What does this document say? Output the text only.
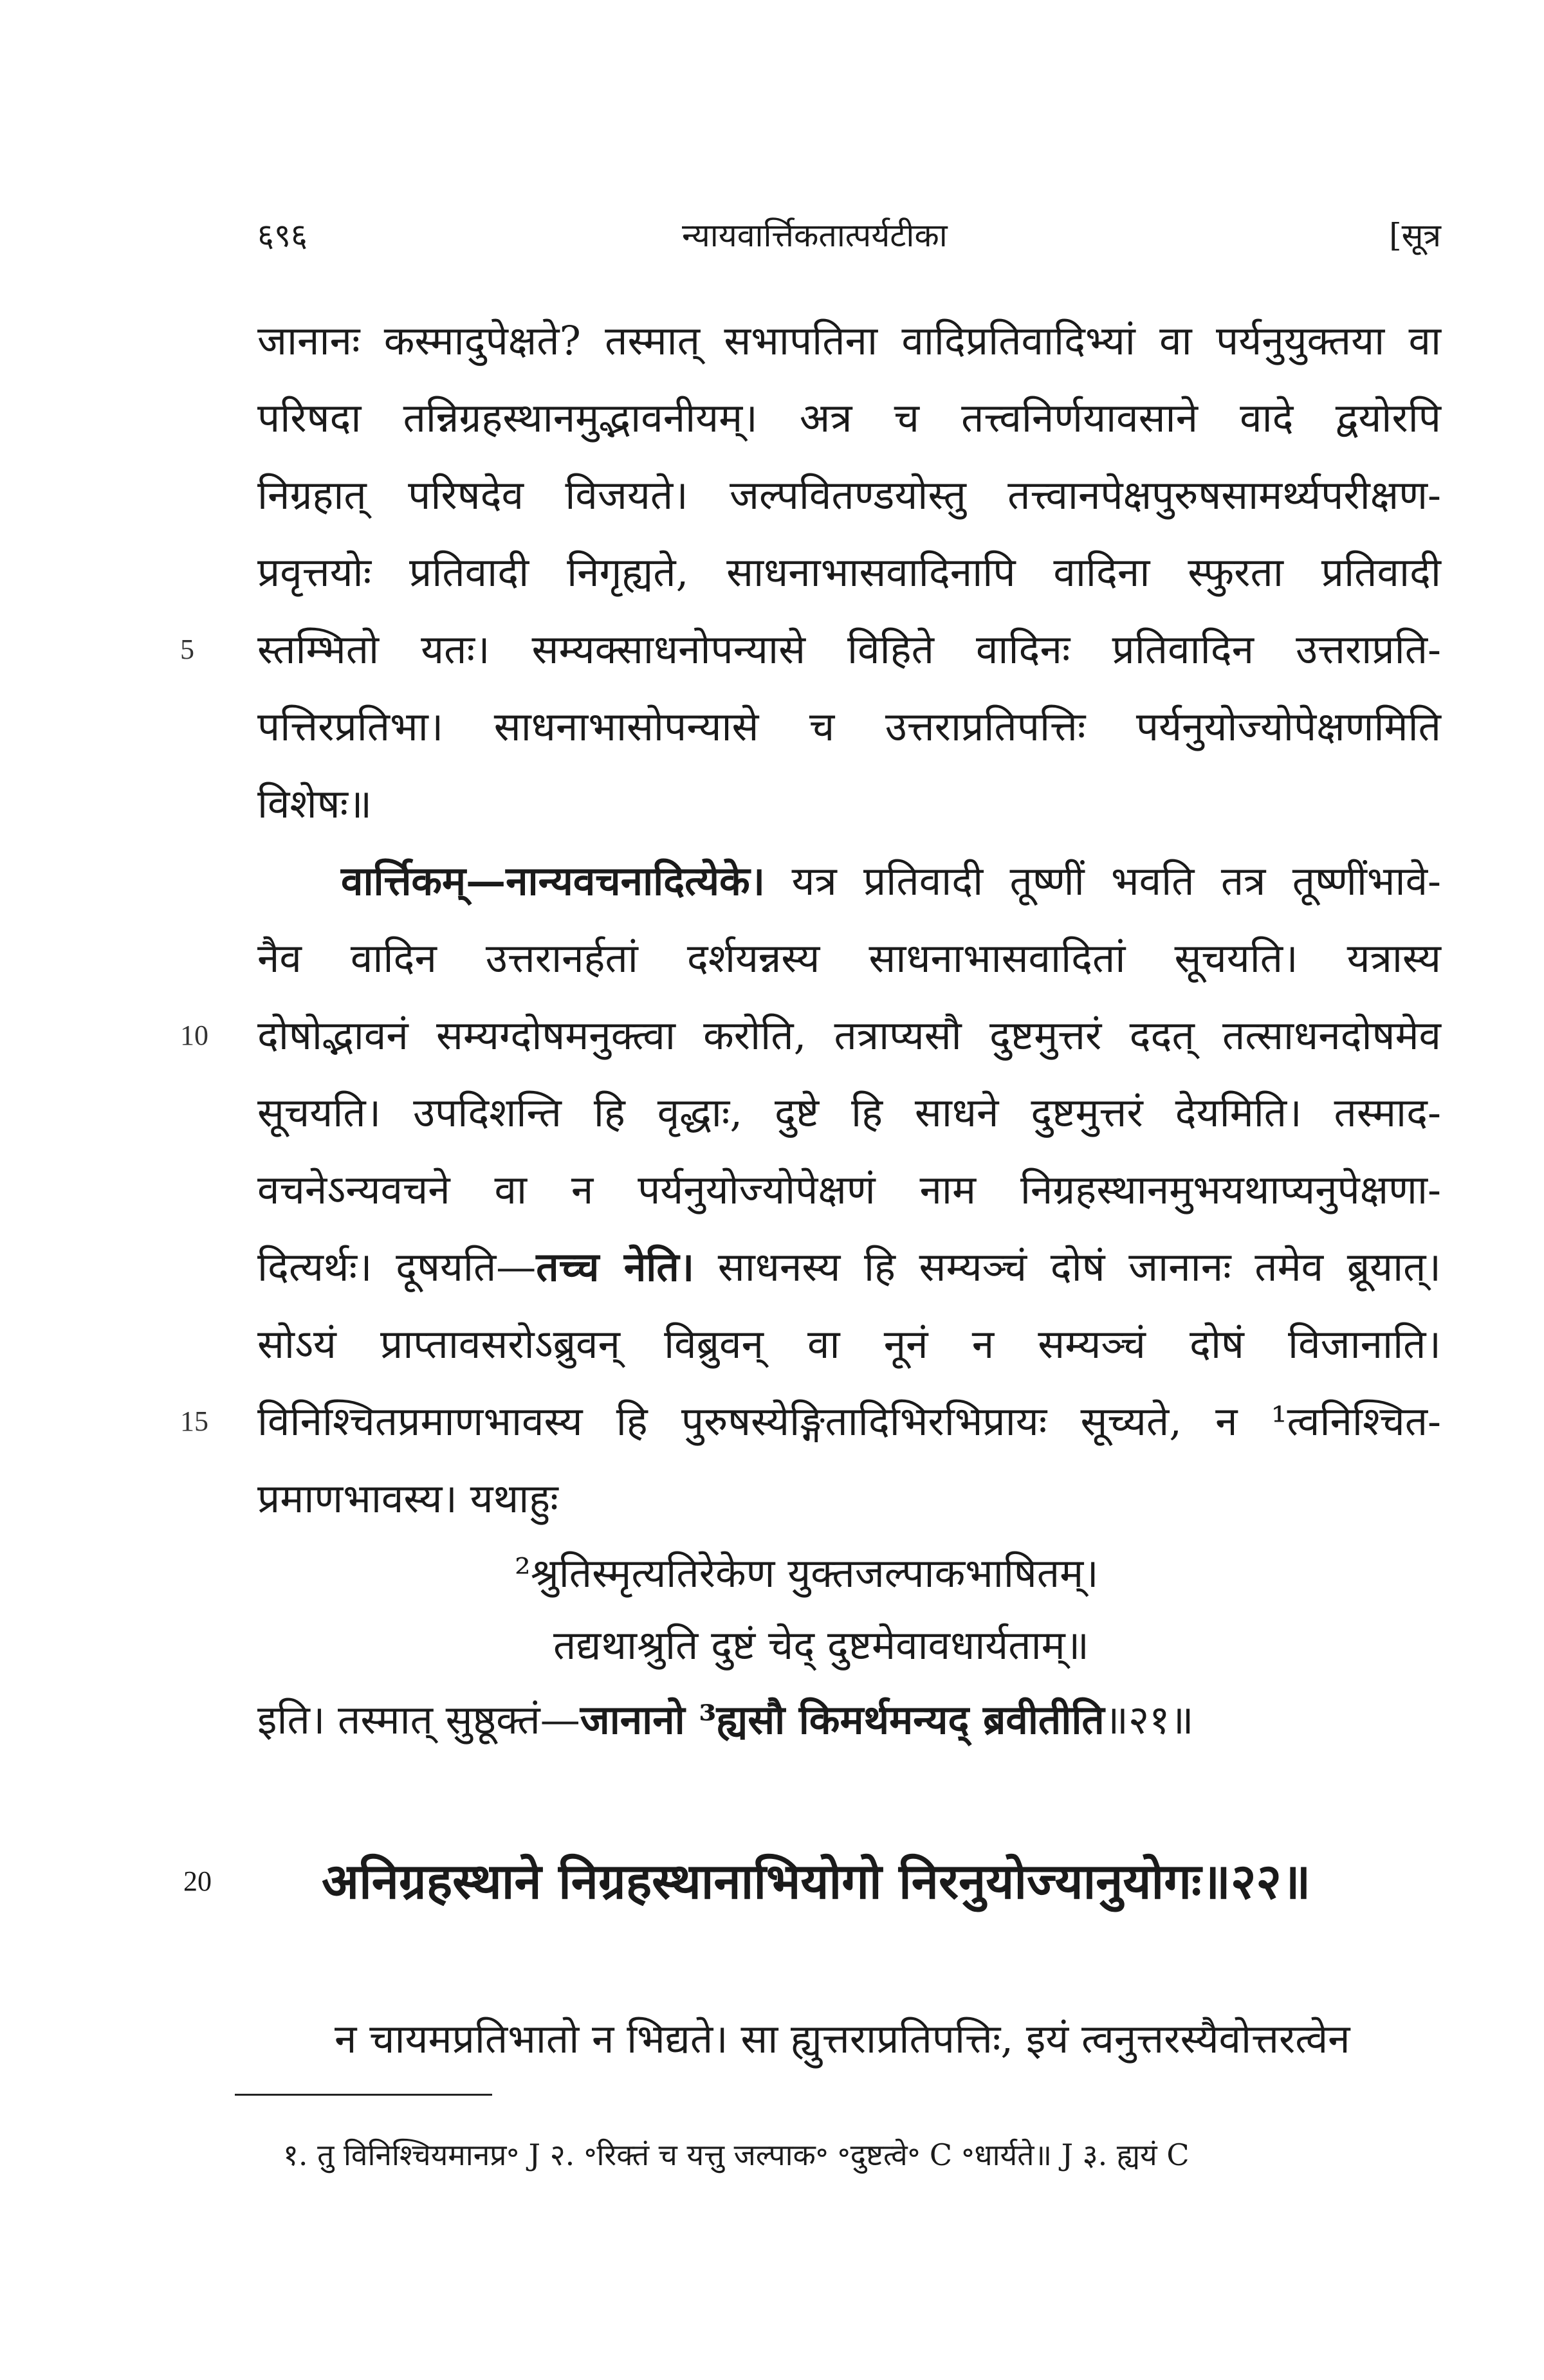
६९६	न्यायवार्त्तिकतात्पर्यटीका	[सूत्र
जानानः कस्मादुपेक्षते? तस्मात् सभापतिना वादिप्रतिवादिभ्यां वा पर्यनुयुक्तया वा
परिषदा तन्निग्रहस्थानमुद्भावनीयम्। अत्र च तत्त्वनिर्णयावसाने वादे द्वयोरपि
निग्रहात् परिषदेव विजयते। जल्पवितण्डयोस्तु तत्त्वानपेक्षपुरुषसामर्थ्यपरीक्षण-
प्रवृत्तयोः प्रतिवादी निगृह्यते, साधनाभासवादिनापि वादिना स्फुरता प्रतिवादी
5	स्तम्भितो यतः। सम्यक्साधनोपन्यासे विहिते वादिनः प्रतिवादिन उत्तराप्रति-
पत्तिरप्रतिभा। साधनाभासोपन्यासे च उत्तराप्रतिपत्तिः पर्यनुयोज्योपेक्षणमिति
विशेषः॥
वार्त्तिकम्—नान्यवचनादित्येके। यत्र प्रतिवादी तूष्णीं भवति तत्र तूष्णींभावे-
नैव वादिन उत्तरानर्हतां दर्शयन्नस्य साधनाभासवादितां सूचयति। यत्रास्य
10	दोषोद्भावनं सम्यग्दोषमनुक्त्वा करोति, तत्राप्यसौ दुष्टमुत्तरं ददत् तत्साधनदोषमेव
सूचयति। उपदिशन्ति हि वृद्धाः, दुष्टे हि साधने दुष्टमुत्तरं देयमिति। तस्माद-
वचनेऽन्यवचने वा न पर्यनुयोज्योपेक्षणं नाम निग्रहस्थानमुभयथाप्यनुपेक्षणा-
दित्यर्थः। दूषयति—तच्च नेति। साधनस्य हि सम्यञ्चं दोषं जानानः तमेव ब्रूयात्।
सोऽयं प्राप्तावसरोऽब्रुवन् विब्रुवन् वा नूनं न सम्यञ्चं दोषं विजानाति।
15	विनिश्चितप्रमाणभावस्य हि पुरुषस्येङ्गितादिभिरभिप्रायः सूच्यते, न ¹त्वनिश्चित-
प्रमाणभावस्य। यथाहुः
²श्रुतिस्मृत्यतिरेकेण युक्तजल्पाकभाषितम्।
तद्यथाश्रुति दुष्टं चेद् दुष्टमेवावधार्यताम्॥
इति। तस्मात् सुष्ठूक्तं—जानानो ³ह्यसौ किमर्थमन्यद् ब्रवीतीति॥२१॥
20 अनिग्रहस्थाने निग्रहस्थानाभियोगो निरनुयोज्यानुयोगः॥२२॥
न चायमप्रतिभातो न भिद्यते। सा ह्युत्तराप्रतिपत्तिः, इयं त्वनुत्तरस्यैवोत्तरत्वेन
१. तु विनिश्चियमानप्र॰ J २. ॰रिक्तं च यत्तु जल्पाक॰ ॰दुष्टत्वे॰ C ॰धार्यते॥ J ३. ह्ययं C
